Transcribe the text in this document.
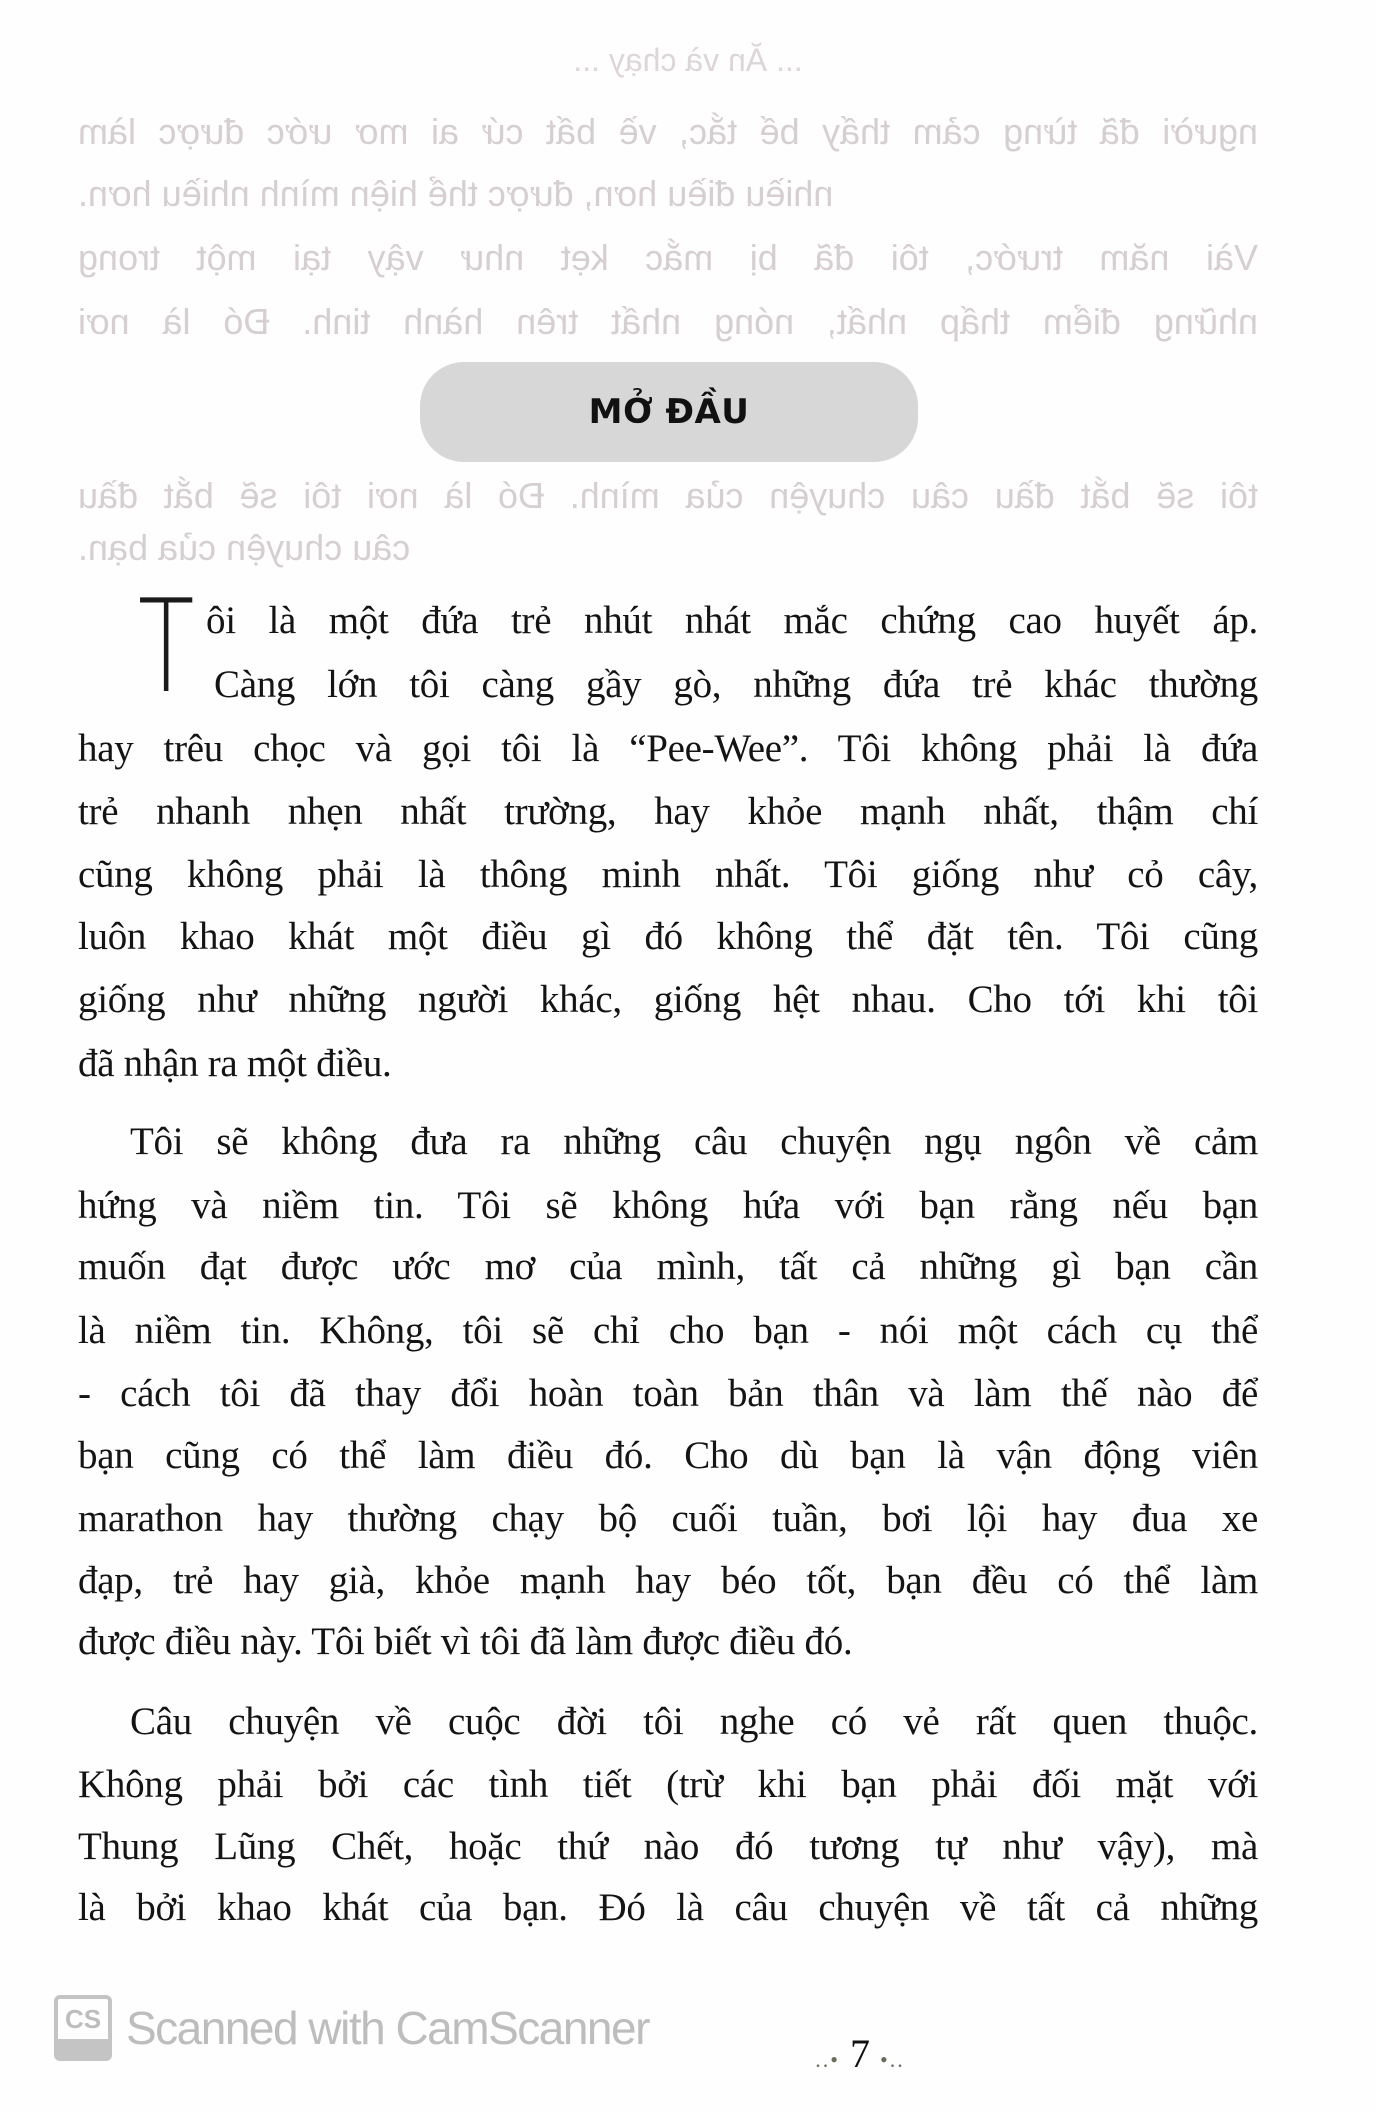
... Ăn và chạy ...
người đã từng cảm thấy bế tắc, về bất cứ ai mơ ước được làm
nhiều điều hơn, được thể hiện mình nhiều hơn.
Vài năm trước, tôi đã bị mắc kẹt như vậy tại một trong
những điểm thấp nhất, nóng nhất trên hành tinh. Đó là nơi
MỞ ĐẦU
tôi sẽ bắt đầu câu chuyện của mình. Đó là nơi tôi sẽ bắt đầu
câu chuyện của bạn.
T ôi là một đứa trẻ nhút nhát mắc chứng cao huyết áp.
Càng lớn tôi càng gầy gò, những đứa trẻ khác thường
hay trêu chọc và gọi tôi là “Pee-Wee”. Tôi không phải là đứa
trẻ nhanh nhẹn nhất trường, hay khỏe mạnh nhất, thậm chí
cũng không phải là thông minh nhất. Tôi giống như cỏ cây,
luôn khao khát một điều gì đó không thể đặt tên. Tôi cũng
giống như những người khác, giống hệt nhau. Cho tới khi tôi
đã nhận ra một điều.
Tôi sẽ không đưa ra những câu chuyện ngụ ngôn về cảm
hứng và niềm tin. Tôi sẽ không hứa với bạn rằng nếu bạn
muốn đạt được ước mơ của mình, tất cả những gì bạn cần
là niềm tin. Không, tôi sẽ chỉ cho bạn - nói một cách cụ thể
- cách tôi đã thay đổi hoàn toàn bản thân và làm thế nào để
bạn cũng có thể làm điều đó. Cho dù bạn là vận động viên
marathon hay thường chạy bộ cuối tuần, bơi lội hay đua xe
đạp, trẻ hay già, khỏe mạnh hay béo tốt, bạn đều có thể làm
được điều này. Tôi biết vì tôi đã làm được điều đó.
Câu chuyện về cuộc đời tôi nghe có vẻ rất quen thuộc.
Không phải bởi các tình tiết (trừ khi bạn phải đối mặt với
Thung Lũng Chết, hoặc thứ nào đó tương tự như vậy), mà
là bởi khao khát của bạn. Đó là câu chuyện về tất cả những
CS Scanned with CamScanner
..• 7 •..
